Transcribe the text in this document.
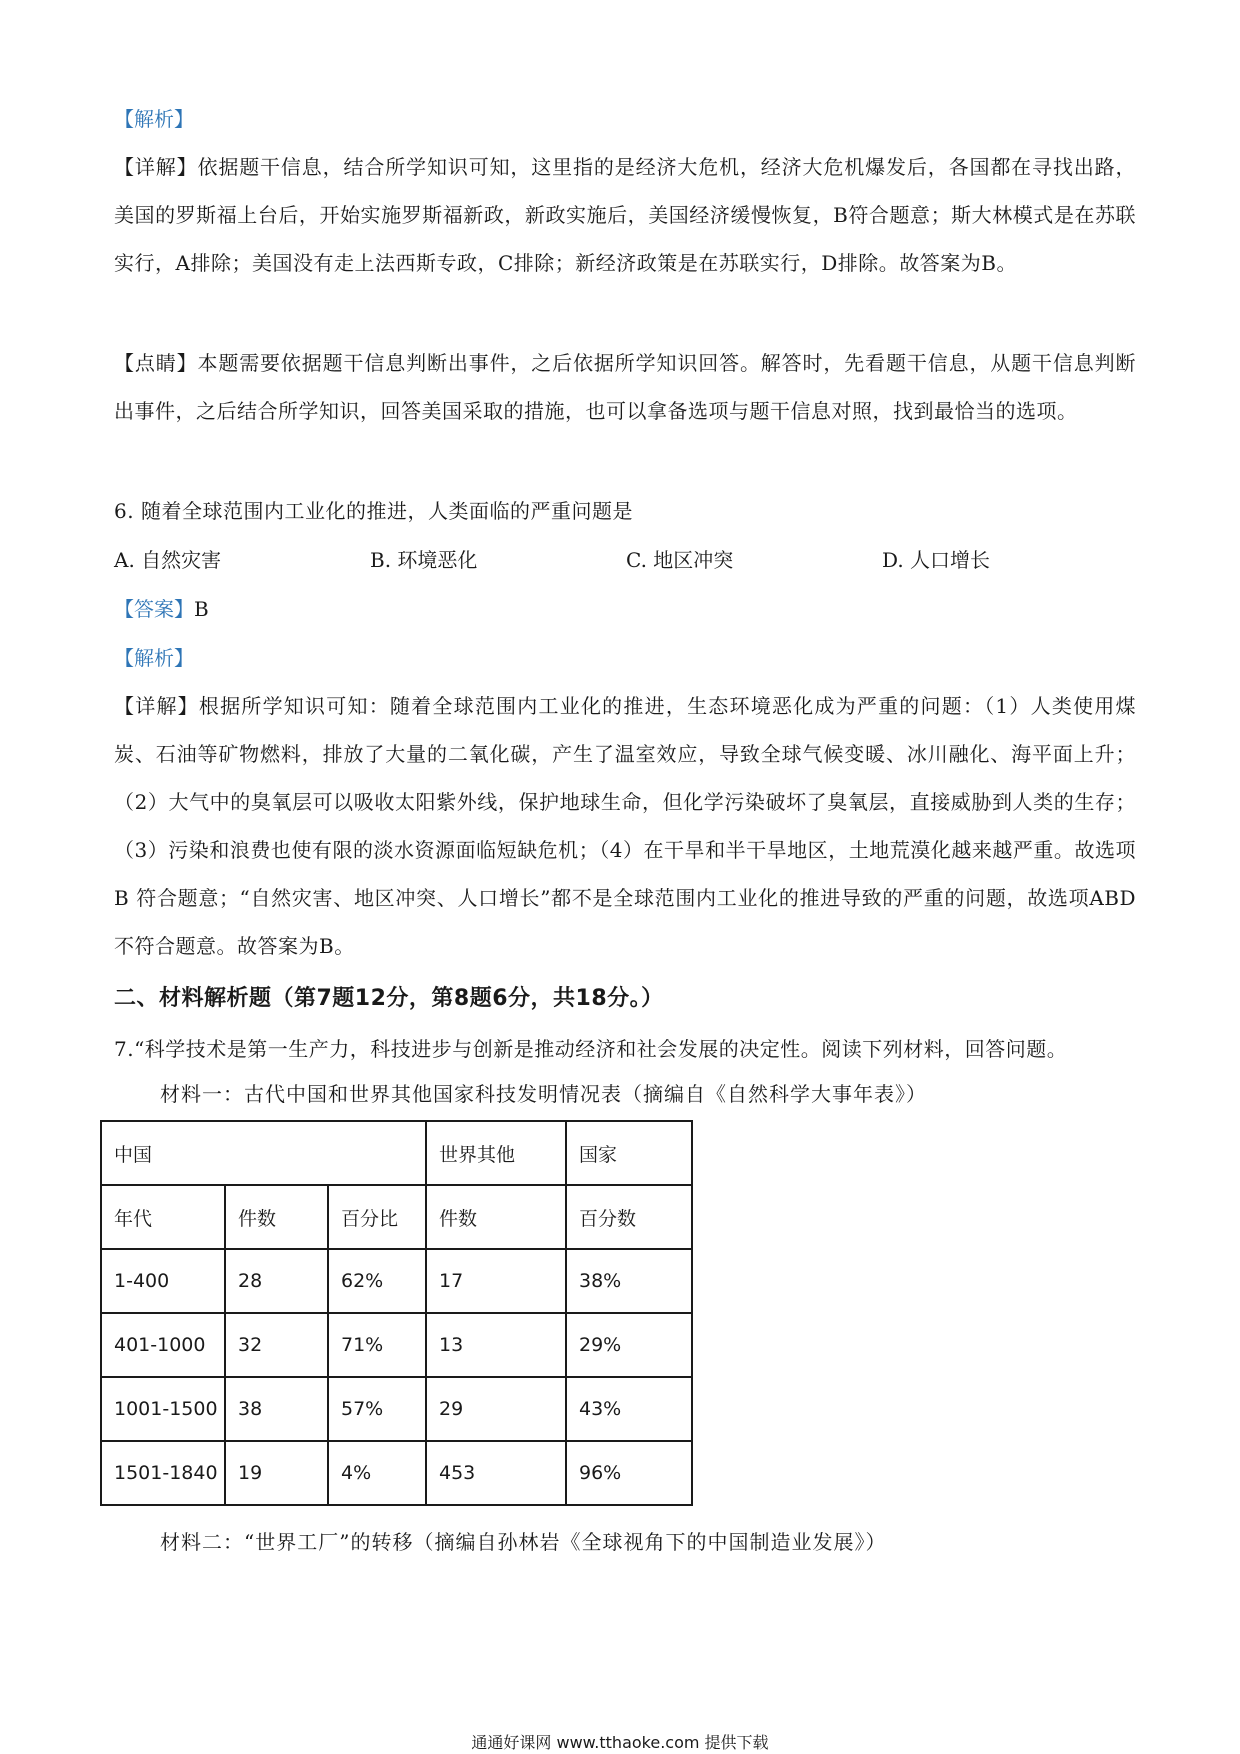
【解析】

【详解】依据题干信息，结合所学知识可知，这里指的是经济大危机，经济大危机爆发后，各国都在寻找出路，美国的罗斯福上台后，开始实施罗斯福新政，新政实施后，美国经济缓慢恢复，B符合题意；斯大林模式是在苏联实行，A排除；美国没有走上法西斯专政，C排除；新经济政策是在苏联实行，D排除。故答案为B。

【点睛】本题需要依据题干信息判断出事件，之后依据所学知识回答。解答时，先看题干信息，从题干信息判断出事件，之后结合所学知识，回答美国采取的措施，也可以拿备选项与题干信息对照，找到最恰当的选项。

6. 随着全球范围内工业化的推进，人类面临的严重问题是

A. 自然灾害	B. 环境恶化	C. 地区冲突	D. 人口增长
【答案】B
【解析】

【详解】根据所学知识可知：随着全球范围内工业化的推进，生态环境恶化成为严重的问题：（1）人类使用煤炭、石油等矿物燃料，排放了大量的二氧化碳，产生了温室效应，导致全球气候变暖、冰川融化、海平面上升；（2）大气中的臭氧层可以吸收太阳紫外线，保护地球生命，但化学污染破坏了臭氧层，直接威胁到人类的生存；（3）污染和浪费也使有限的淡水资源面临短缺危机；（4）在干旱和半干旱地区，土地荒漠化越来越严重。故选项 B 符合题意；“自然灾害、地区冲突、人口增长”都不是全球范围内工业化的推进导致的严重的问题，故选项ABD不符合题意。故答案为B。

二、材料解析题（第7题12分，第8题6分，共18分。）

7.“科学技术是第一生产力，科技进步与创新是推动经济和社会发展的决定性。阅读下列材料，回答问题。

材料一：古代中国和世界其他国家科技发明情况表（摘编自《自然科学大事年表》）
中国			世界其他	国家
年代	件数	百分比	件数	百分数
1-400	28	62%	17	38%
401-1000	32	71%	13	29%
1001-1500	38	57%	29	43%
1501-1840	19	4%	453	96%
材料二：“世界工厂”的转移（摘编自孙林岩《全球视角下的中国制造业发展》）
通通好课网 www.tthaoke.com 提供下载
